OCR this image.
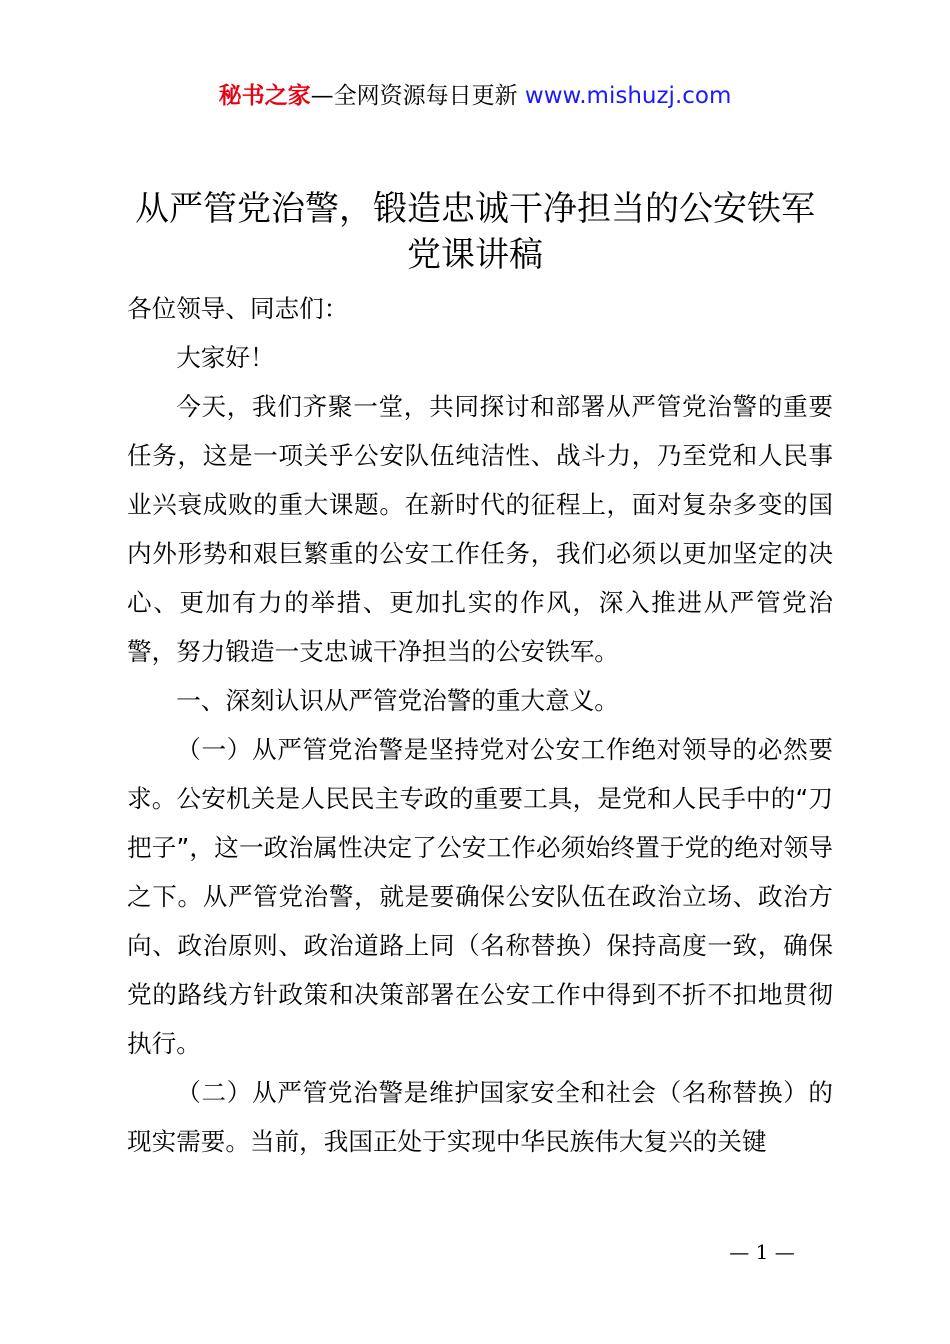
秘书之家—全网资源每日更新 www.mishuzj.com
从严管党治警，锻造忠诚干净担当的公安铁军
党课讲稿

各位领导、同志们：

大家好！

今天，我们齐聚一堂，共同探讨和部署从严管党治警的重要任务，这是一项关乎公安队伍纯洁性、战斗力，乃至党和人民事业兴衰成败的重大课题。在新时代的征程上，面对复杂多变的国内外形势和艰巨繁重的公安工作任务，我们必须以更加坚定的决心、更加有力的举措、更加扎实的作风，深入推进从严管党治警，努力锻造一支忠诚干净担当的公安铁军。

一、深刻认识从严管党治警的重大意义。

（一）从严管党治警是坚持党对公安工作绝对领导的必然要求。公安机关是人民民主专政的重要工具，是党和人民手中的“刀把子”，这一政治属性决定了公安工作必须始终置于党的绝对领导之下。从严管党治警，就是要确保公安队伍在政治立场、政治方向、政治原则、政治道路上同（名称替换）保持高度一致，确保党的路线方针政策和决策部署在公安工作中得到不折不扣地贯彻执行。

（二）从严管党治警是维护国家安全和社会（名称替换）的现实需要。当前，我国正处于实现中华民族伟大复兴的关键

— 1 —
